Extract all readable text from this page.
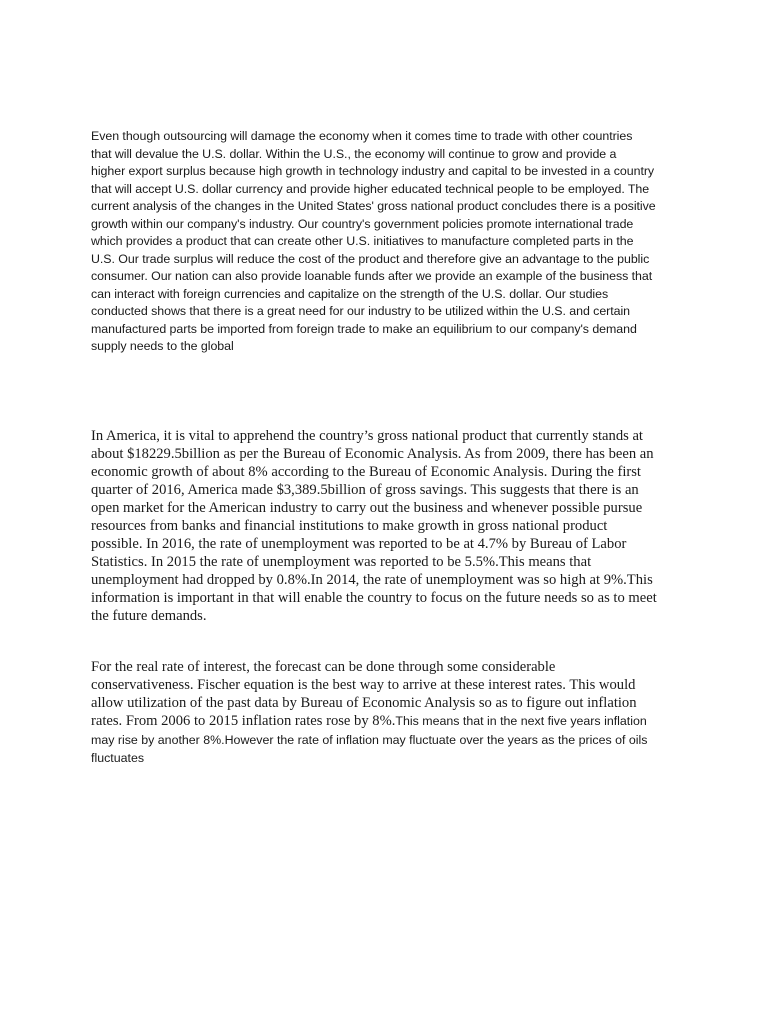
Even though outsourcing will damage the economy when it comes time to trade with other countries
that will devalue the U.S. dollar. Within the U.S., the economy will continue to grow and provide a
higher export surplus because high growth in technology industry and capital to be invested in a country
that will accept U.S. dollar currency and provide higher educated technical people to be employed. The
current analysis of the changes in the United States' gross national product concludes there is a positive
growth within our company's industry. Our country's government policies promote international trade
which provides a product that can create other U.S. initiatives to manufacture completed parts in the
U.S. Our trade surplus will reduce the cost of the product and therefore give an advantage to the public
consumer. Our nation can also provide loanable funds after we provide an example of the business that
can interact with foreign currencies and capitalize on the strength of the U.S. dollar. Our studies
conducted shows that there is a great need for our industry to be utilized within the U.S. and certain
manufactured parts be imported from foreign trade to make an equilibrium to our company's demand
supply needs to the global

In America, it is vital to apprehend the country’s gross national product that currently stands at
about $18229.5billion as per the Bureau of Economic Analysis. As from 2009, there has been an
economic growth of about 8% according to the Bureau of Economic Analysis. During the first
quarter of 2016, America made $3,389.5billion of gross savings. This suggests that there is an
open market for the American industry to carry out the business and whenever possible pursue
resources from banks and financial institutions to make growth in gross national product
possible. In 2016, the rate of unemployment was reported to be at 4.7% by Bureau of Labor
Statistics. In 2015 the rate of unemployment was reported to be 5.5%.This means that
unemployment had dropped by 0.8%.In 2014, the rate of unemployment was so high at 9%.This
information is important in that will enable the country to focus on the future needs so as to meet
the future demands.

For the real rate of interest, the forecast can be done through some considerable
conservativeness. Fischer equation is the best way to arrive at these interest rates. This would
allow utilization of the past data by Bureau of Economic Analysis so as to figure out inflation
rates. From 2006 to 2015 inflation rates rose by 8%.This means that in the next five years inflation
may rise by another 8%.However the rate of inflation may fluctuate over the years as the prices of oils
fluctuates
